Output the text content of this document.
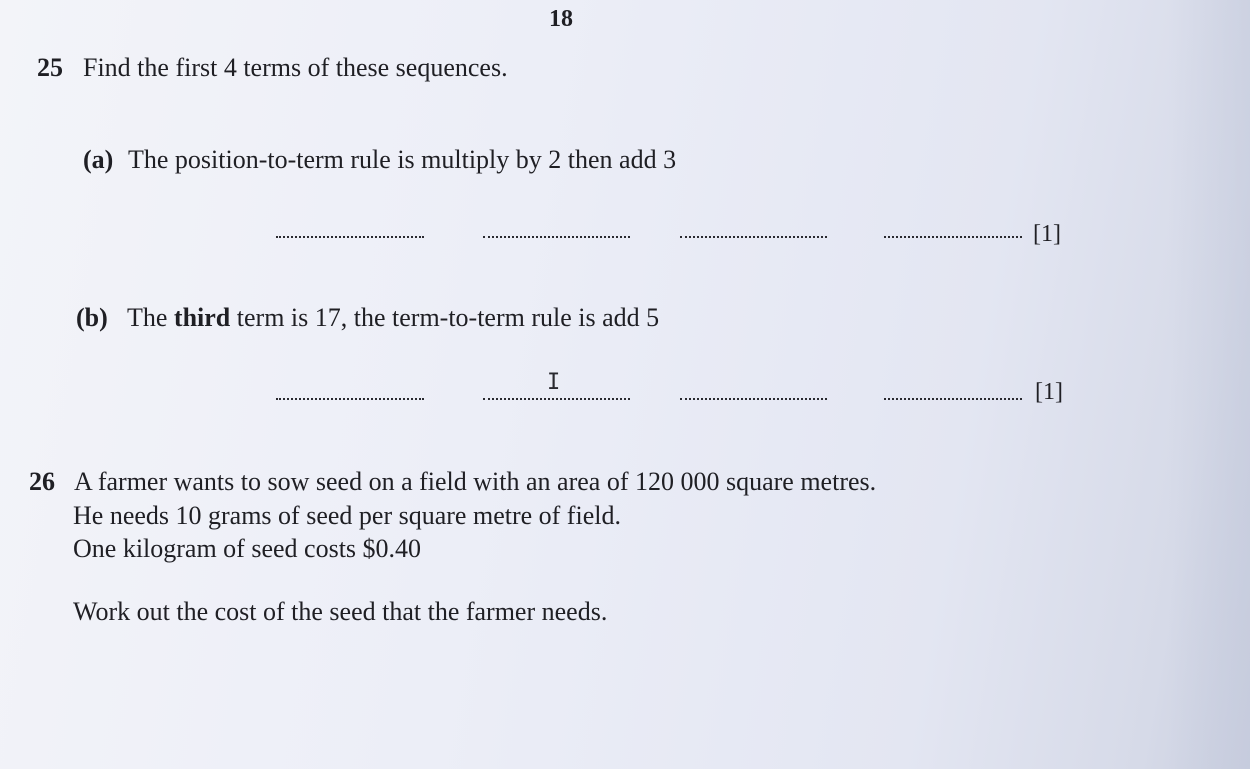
18
25 Find the first 4 terms of these sequences.
(a) The position-to-term rule is multiply by 2 then add 3
[1]
(b) The third term is 17, the term-to-term rule is add 5
I	[1]
26 A farmer wants to sow seed on a field with an area of 120 000 square metres.
He needs 10 grams of seed per square metre of field.
One kilogram of seed costs $0.40
Work out the cost of the seed that the farmer needs.
